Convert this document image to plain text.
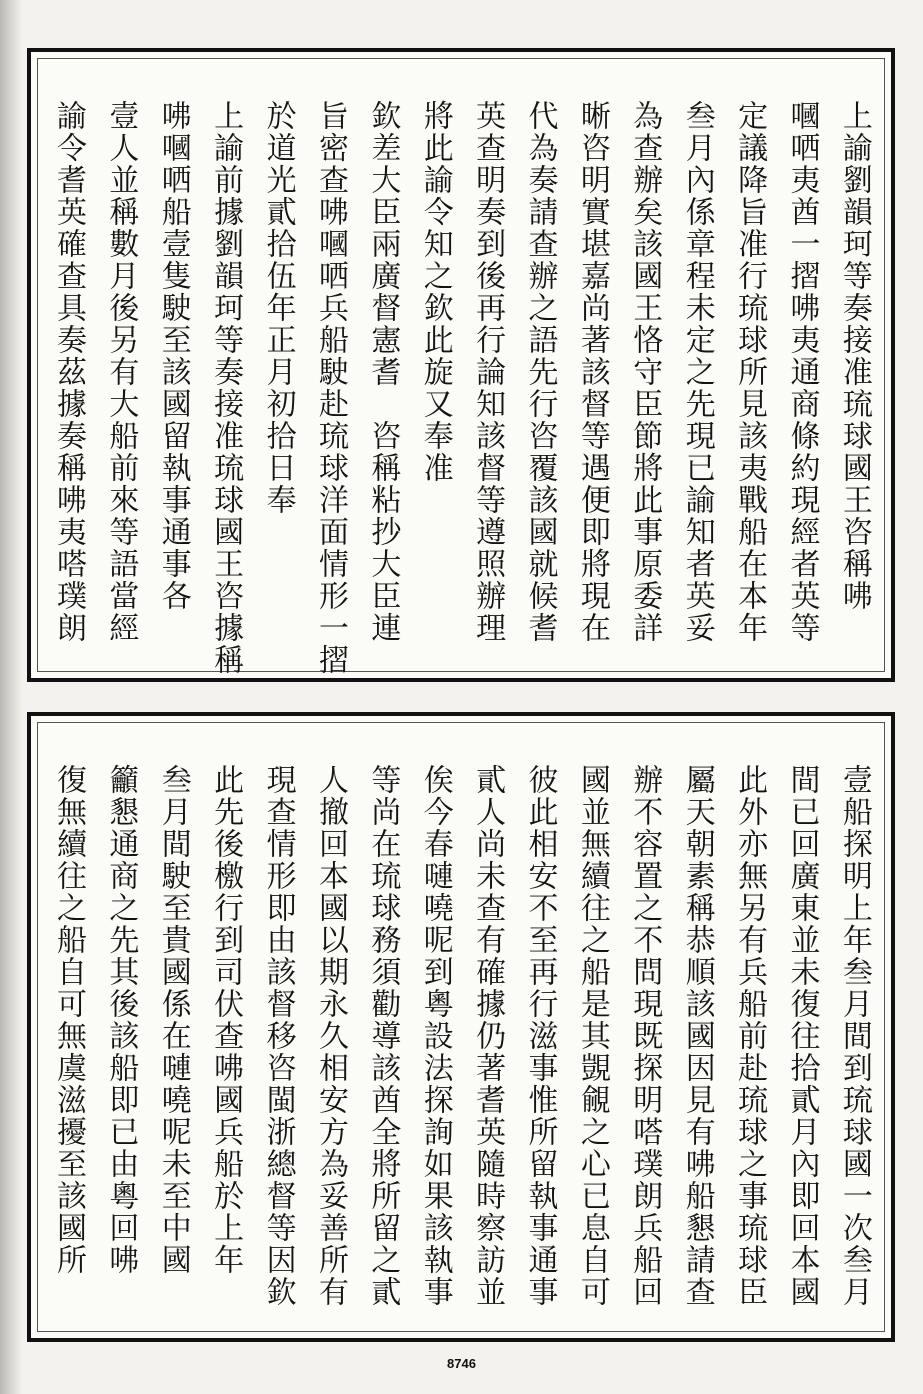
上諭劉韻珂等奏接准琉球國王咨稱咈
嘓哂夷酋一摺咈夷通商條約現經者英等
定議降旨准行琉球所見該夷戰船在本年
叁月內係章程未定之先現已諭知者英妥
為查辦矣該國王恪守臣節將此事原委詳
晰咨明實堪嘉尚著該督等遇便即將現在
代為奏請查辦之語先行咨覆該國就候耆
英查明奏到後再行論知該督等遵照辦理
將此諭令知之欽此旋又奉准
欽差大臣兩廣督憲耆　咨稱粘抄大臣連
旨密查咈嘓哂兵船駛赴琉球洋面情形一摺
於道光貳拾伍年正月初拾日奉
上諭前據劉韻珂等奏接准琉球國王咨據稱
咈嘓哂船壹隻駛至該國留執事通事各
壹人並稱數月後另有大船前來等語當經
諭令耆英確查具奏茲據奏稱咈夷嗒璞朗
壹船探明上年叁月間到琉球國一次叁月
間已回廣東並未復往拾貳月內即回本國
此外亦無另有兵船前赴琉球之事琉球臣
屬天朝素稱恭順該國因見有咈船懇請查
辦不容置之不問現既探明嗒璞朗兵船回
國並無續往之船是其覬覦之心已息自可
彼此相安不至再行滋事惟所留執事通事
貳人尚未查有確據仍著耆英隨時察訪並
俟今春嗹嘵呢到粵設法探詢如果該執事
等尚在琉球務須勸導該酋全將所留之貳
人撤回本國以期永久相安方為妥善所有
現查情形即由該督移咨閩浙總督等因欽
此先後檄行到司伏查咈國兵船於上年
叁月間駛至貴國係在嗹嘵呢未至中國
籲懇通商之先其後該船即已由粵回咈
復無續往之船自可無虞滋擾至該國所
8746
